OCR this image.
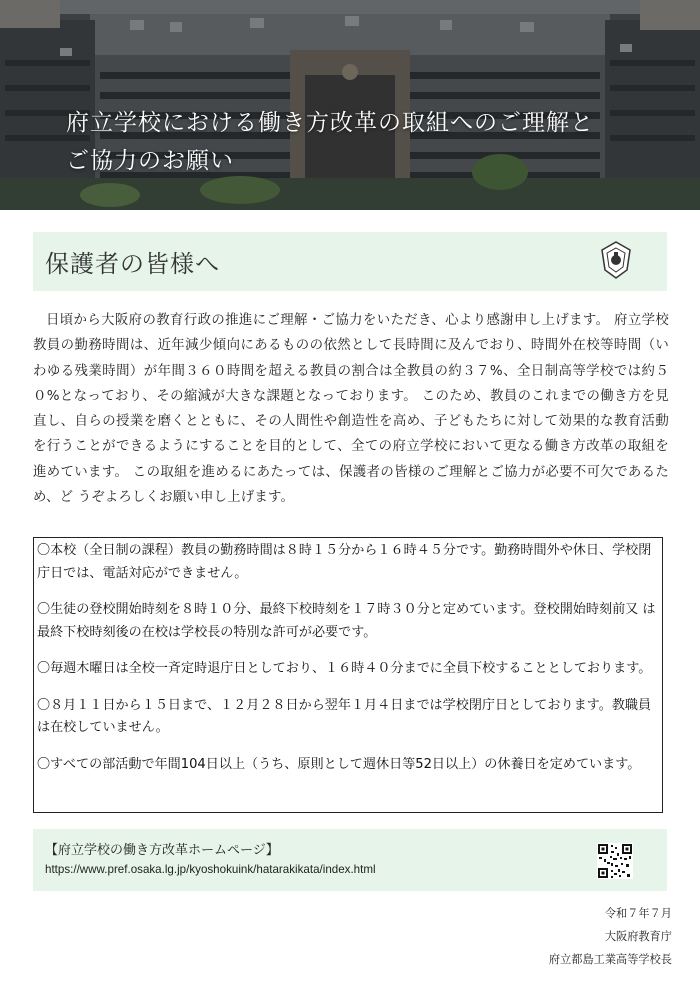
府立学校における働き方改革の取組へのご理解と
ご協力のお願い
保護者の皆様へ

日頃から大阪府の教育行政の推進にご理解・ご協力をいただき、心より感謝申し上げます。 府立学校教員の勤務時間は、近年減少傾向にあるものの依然として長時間に及んでおり、時間外在校等時間（いわゆる残業時間）が年間３６０時間を超える教員の割合は全教員の約３７%、全日制高等学校では約５０%となっており、その縮減が大きな課題となっております。 このため、教員のこれまでの働き方を見直し、自らの授業を磨くとともに、その人間性や創造性を高め、子どもたちに対して効果的な教育活動を行うことができるようにすることを目的として、全ての府立学校において更なる働き方改革の取組を進めています。 この取組を進めるにあたっては、保護者の皆様のご理解とご協力が必要不可欠であるため、ど うぞよろしくお願い申し上げます。

〇本校（全日制の課程）教員の勤務時間は８時１５分から１６時４５分です。勤務時間外や休日、学校閉庁日では、電話対応ができません。

〇生徒の登校開始時刻を８時１０分、最終下校時刻を１７時３０分と定めています。登校開始時刻前又 は最終下校時刻後の在校は学校長の特別な許可が必要です。

〇毎週木曜日は全校一斉定時退庁日としており、１６時４０分までに全員下校することとしております。

〇８月１１日から１５日まで、１２月２８日から翌年１月４日までは学校閉庁日としております。教職員は在校していません。

〇すべての部活動で年間104日以上（うち、原則として週休日等52日以上）の休養日を定めています。

【府立学校の働き方改革ホームページ】
https://www.pref.osaka.lg.jp/kyoshokuink/hatarakikata/index.html
令和７年７月
大阪府教育庁
府立都島工業高等学校長
